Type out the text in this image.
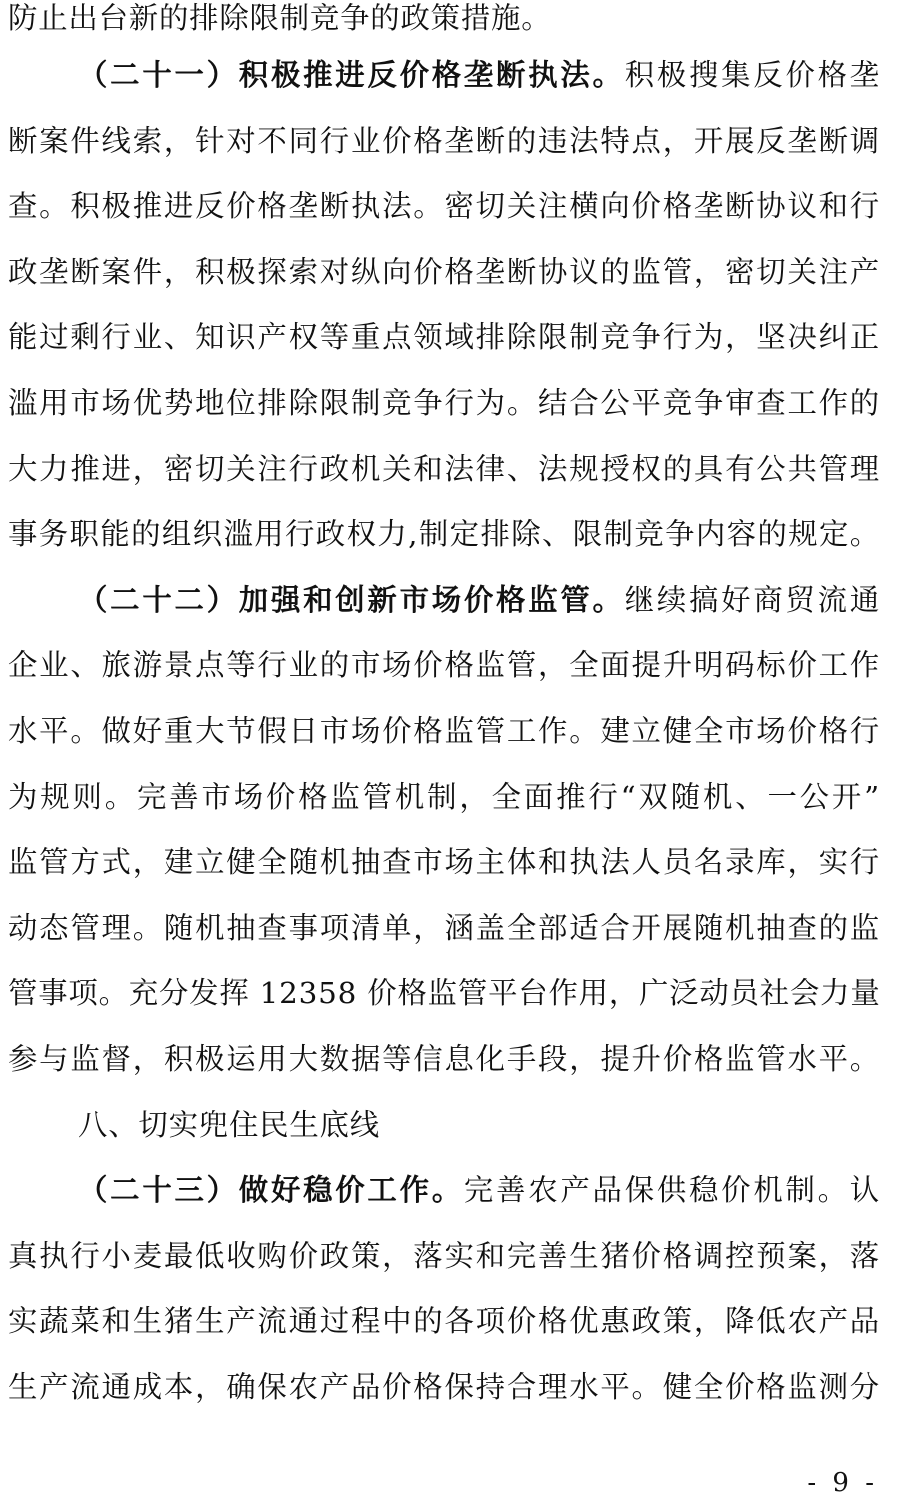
防止出台新的排除限制竞争的政策措施。
（二十一）积极推进反价格垄断执法。积极搜集反价格垄
断案件线索，针对不同行业价格垄断的违法特点，开展反垄断调
查。积极推进反价格垄断执法。密切关注横向价格垄断协议和行
政垄断案件，积极探索对纵向价格垄断协议的监管，密切关注产
能过剩行业、知识产权等重点领域排除限制竞争行为，坚决纠正
滥用市场优势地位排除限制竞争行为。结合公平竞争审查工作的
大力推进，密切关注行政机关和法律、法规授权的具有公共管理
事务职能的组织滥用行政权力,制定排除、限制竞争内容的规定。
（二十二）加强和创新市场价格监管。继续搞好商贸流通
企业、旅游景点等行业的市场价格监管，全面提升明码标价工作
水平。做好重大节假日市场价格监管工作。建立健全市场价格行
为规则。完善市场价格监管机制，全面推行“双随机、一公开”
监管方式，建立健全随机抽查市场主体和执法人员名录库，实行
动态管理。随机抽查事项清单，涵盖全部适合开展随机抽查的监
管事项。充分发挥 12358 价格监管平台作用，广泛动员社会力量
参与监督，积极运用大数据等信息化手段，提升价格监管水平。
八、切实兜住民生底线
（二十三）做好稳价工作。完善农产品保供稳价机制。认
真执行小麦最低收购价政策，落实和完善生猪价格调控预案，落
实蔬菜和生猪生产流通过程中的各项价格优惠政策，降低农产品
生产流通成本，确保农产品价格保持合理水平。健全价格监测分
- 9 -
